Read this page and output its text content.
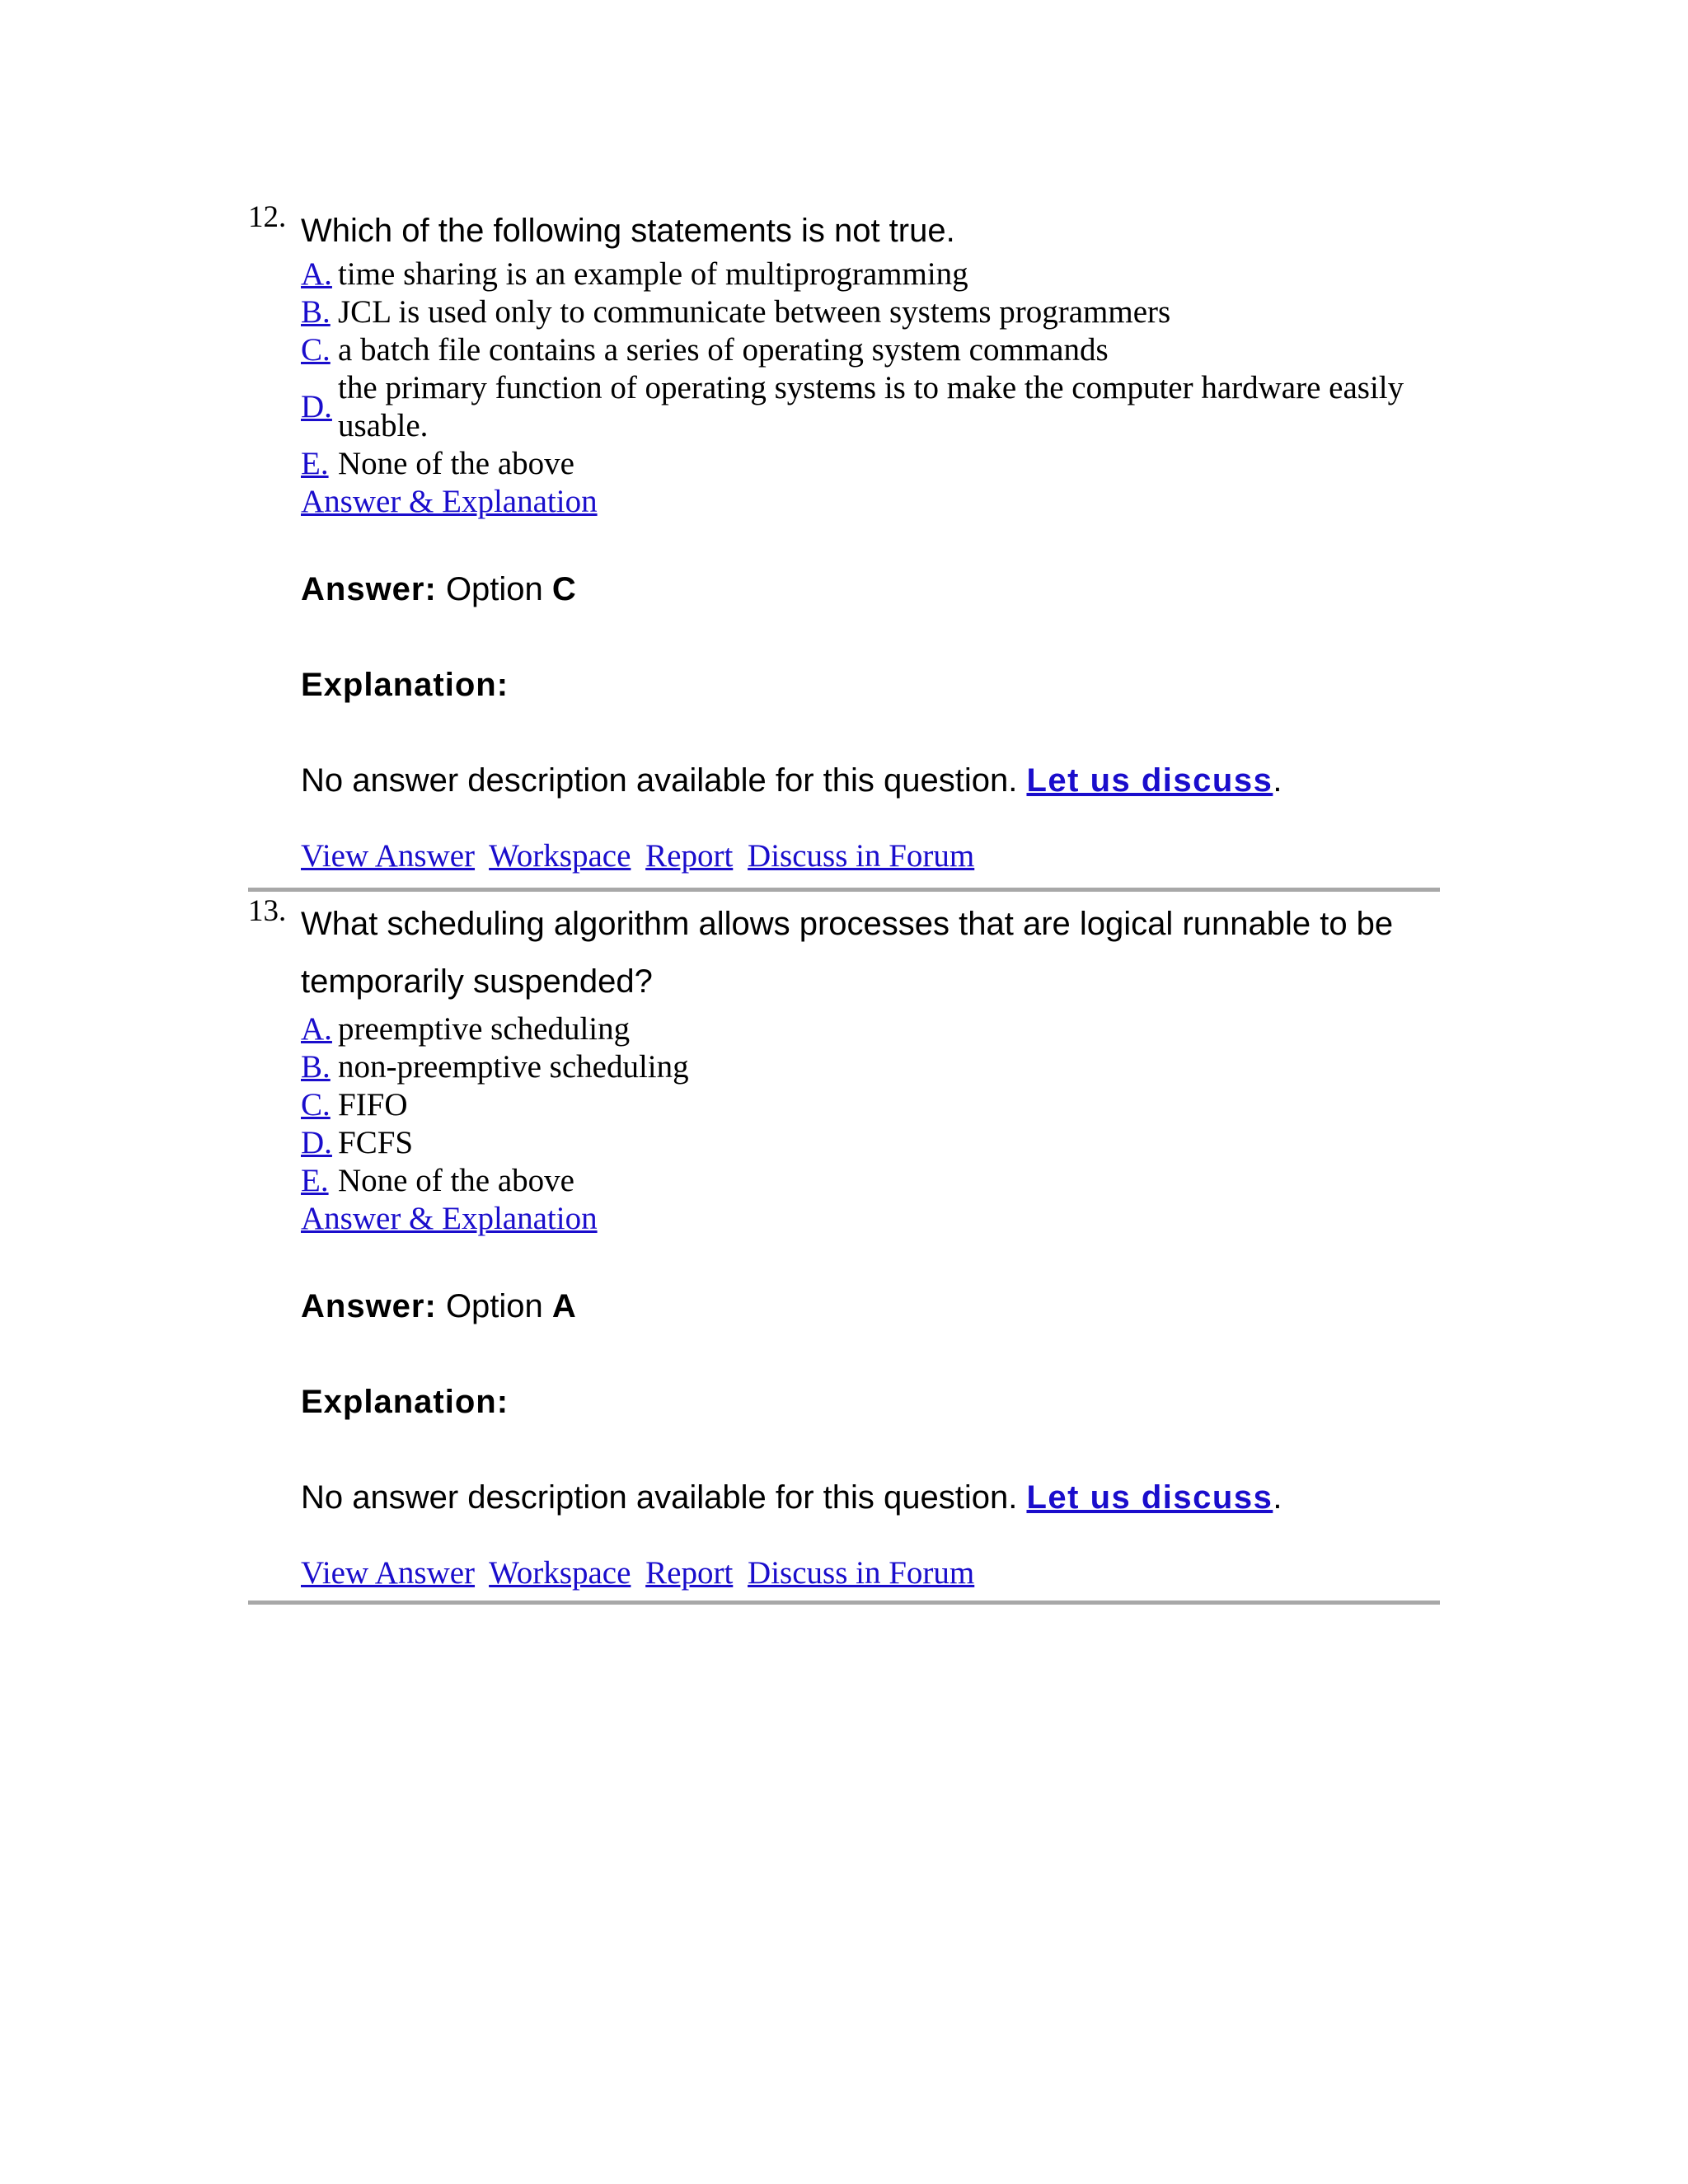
12. Which of the following statements is not true.

A. time sharing is an example of multiprogramming
B. JCL is used only to communicate between systems programmers
C. a batch file contains a series of operating system commands
D.
the primary function of operating systems is to make the computer hardware easily usable.
E. None of the above
Answer & Explanation
Answer: Option C
Explanation:
No answer description available for this question. Let us discuss.
View Answer Workspace Report Discuss in Forum
13. What scheduling algorithm allows processes that are logical runnable to be temporarily suspended?

A. preemptive scheduling
B. non-preemptive scheduling
C. FIFO
D. FCFS
E. None of the above
Answer & Explanation
Answer: Option A
Explanation:
No answer description available for this question. Let us discuss.
View Answer Workspace Report Discuss in Forum
